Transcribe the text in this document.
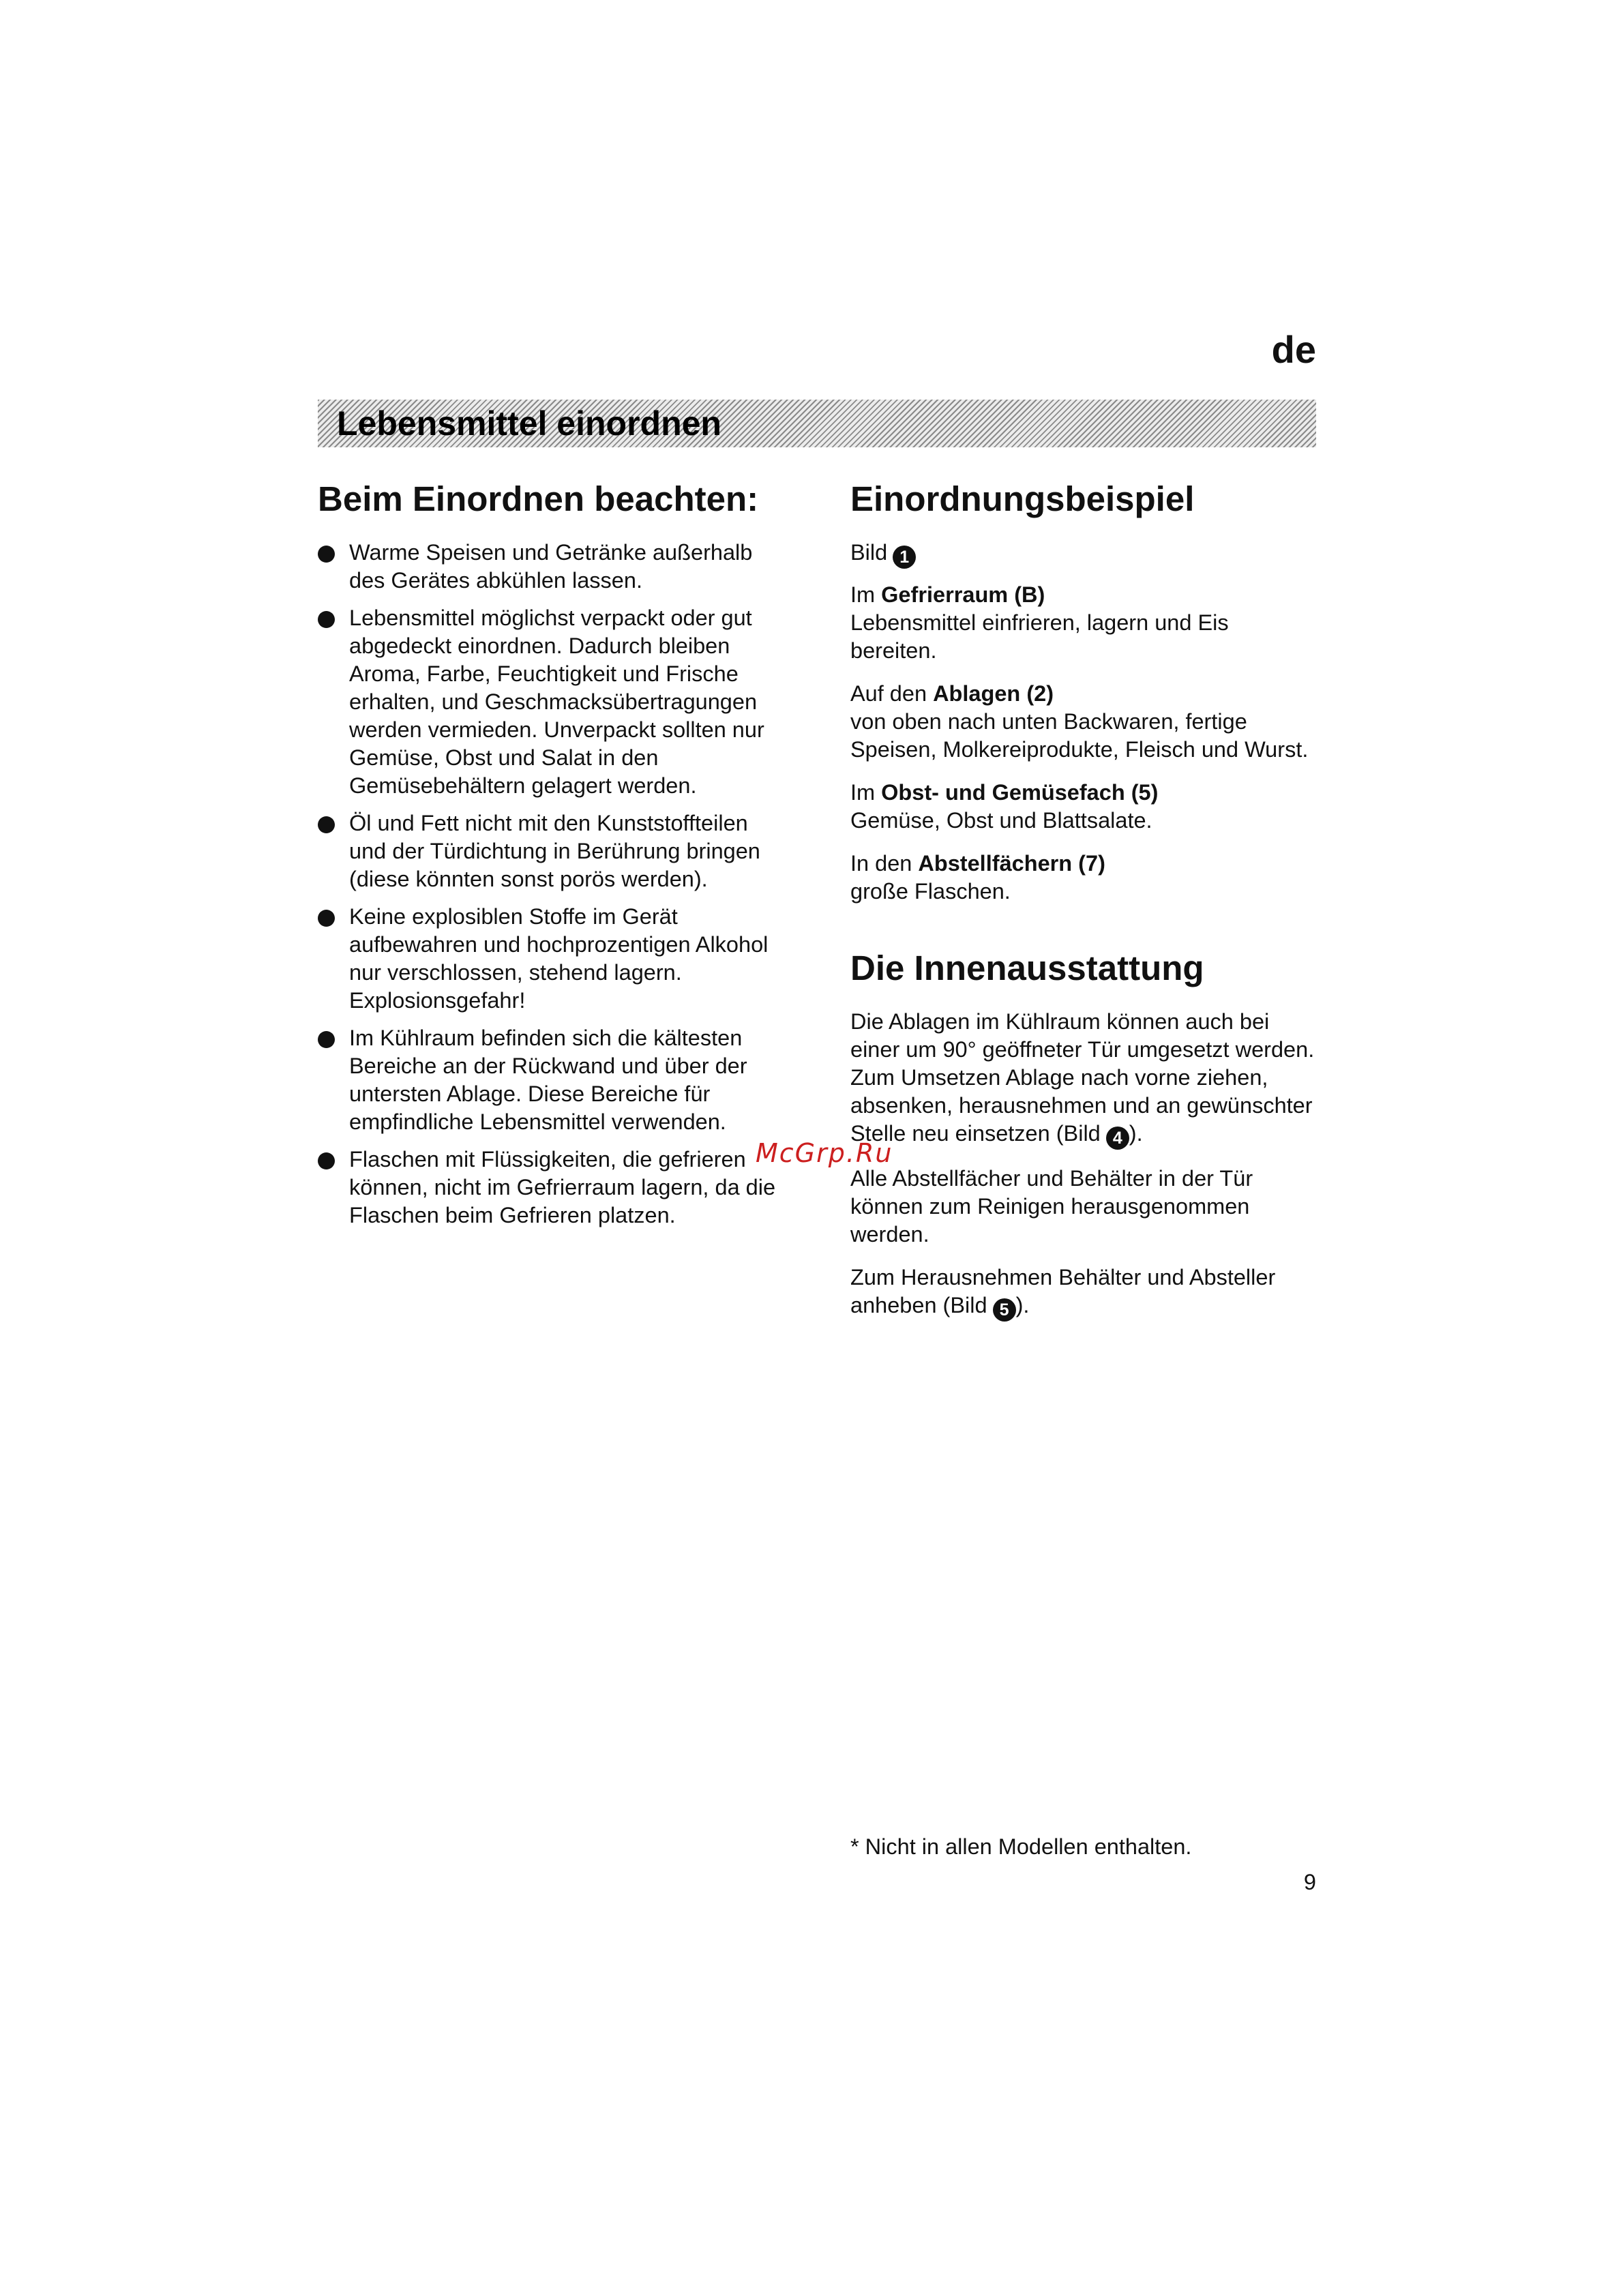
de
Lebensmittel einordnen
Beim Einordnen beachten:
Warme Speisen und Getränke außerhalb des Gerätes abkühlen lassen.
Lebensmittel möglichst verpackt oder gut abgedeckt einordnen. Dadurch bleiben Aroma, Farbe, Feuchtigkeit und Frische erhalten, und Geschmacksübertragungen werden vermieden. Unverpackt sollten nur Gemüse, Obst und Salat in den Gemüsebehältern gelagert werden.
Öl und Fett nicht mit den Kunststoffteilen und der Türdichtung in Berührung bringen (diese könnten sonst porös werden).
Keine explosiblen Stoffe im Gerät aufbewahren und hochprozentigen Alkohol nur verschlossen, stehend lagern. Explosionsgefahr!
Im Kühlraum befinden sich die kältesten Bereiche an der Rückwand und über der untersten Ablage. Diese Bereiche für empfindliche Lebensmittel verwenden.
Flaschen mit Flüssigkeiten, die gefrieren können, nicht im Gefrierraum lagern, da die Flaschen beim Gefrieren platzen.
Einordnungsbeispiel
Bild 1
Im Gefrierraum (B)
Lebensmittel einfrieren, lagern und Eis bereiten.
Auf den Ablagen (2)
von oben nach unten Backwaren, fertige Speisen, Molkereiprodukte, Fleisch und Wurst.
Im Obst- und Gemüsefach (5)
Gemüse, Obst und Blattsalate.
In den Abstellfächern (7)
große Flaschen.
Die Innenausstattung

Die Ablagen im Kühlraum können auch bei einer um 90° geöffneter Tür umgesetzt werden. Zum Umsetzen Ablage nach vorne ziehen, absenken, herausnehmen und an gewünschter Stelle neu einsetzen (Bild 4 ).

Alle Abstellfächer und Behälter in der Tür können zum Reinigen herausgenommen werden.

Zum Herausnehmen Behälter und Absteller anheben (Bild 5 ).

McGrp.Ru
* Nicht in allen Modellen enthalten.
9
